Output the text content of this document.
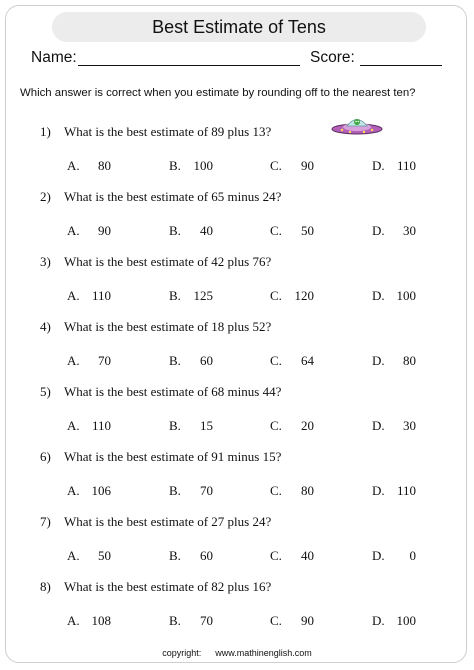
Best Estimate of Tens
Name:	Score:
Which answer is correct when you estimate by rounding off to the nearest ten?
1) What is the best estimate of 89 plus 13?
A.	80	B. 100	C.	90	D. 110
2) What is the best estimate of 65 minus 24?
A.	90	B.	40	C.	50	D.	30
3) What is the best estimate of 42 plus 76?
A. 110	B. 125	C. 120	D. 100
4) What is the best estimate of 18 plus 52?
A.	70	B.	60	C.	64	D.	80
5) What is the best estimate of 68 minus 44?
A. 110	B.	15	C.	20	D.	30
6) What is the best estimate of 91 minus 15?
A. 106	B.	70	C.	80	D. 110
7) What is the best estimate of 27 plus 24?
A.	50	B.	60	C.	40	D.	0
8) What is the best estimate of 82 plus 16?
A. 108	B.	70	C.	90	D. 100
copyright: www.mathinenglish.com
